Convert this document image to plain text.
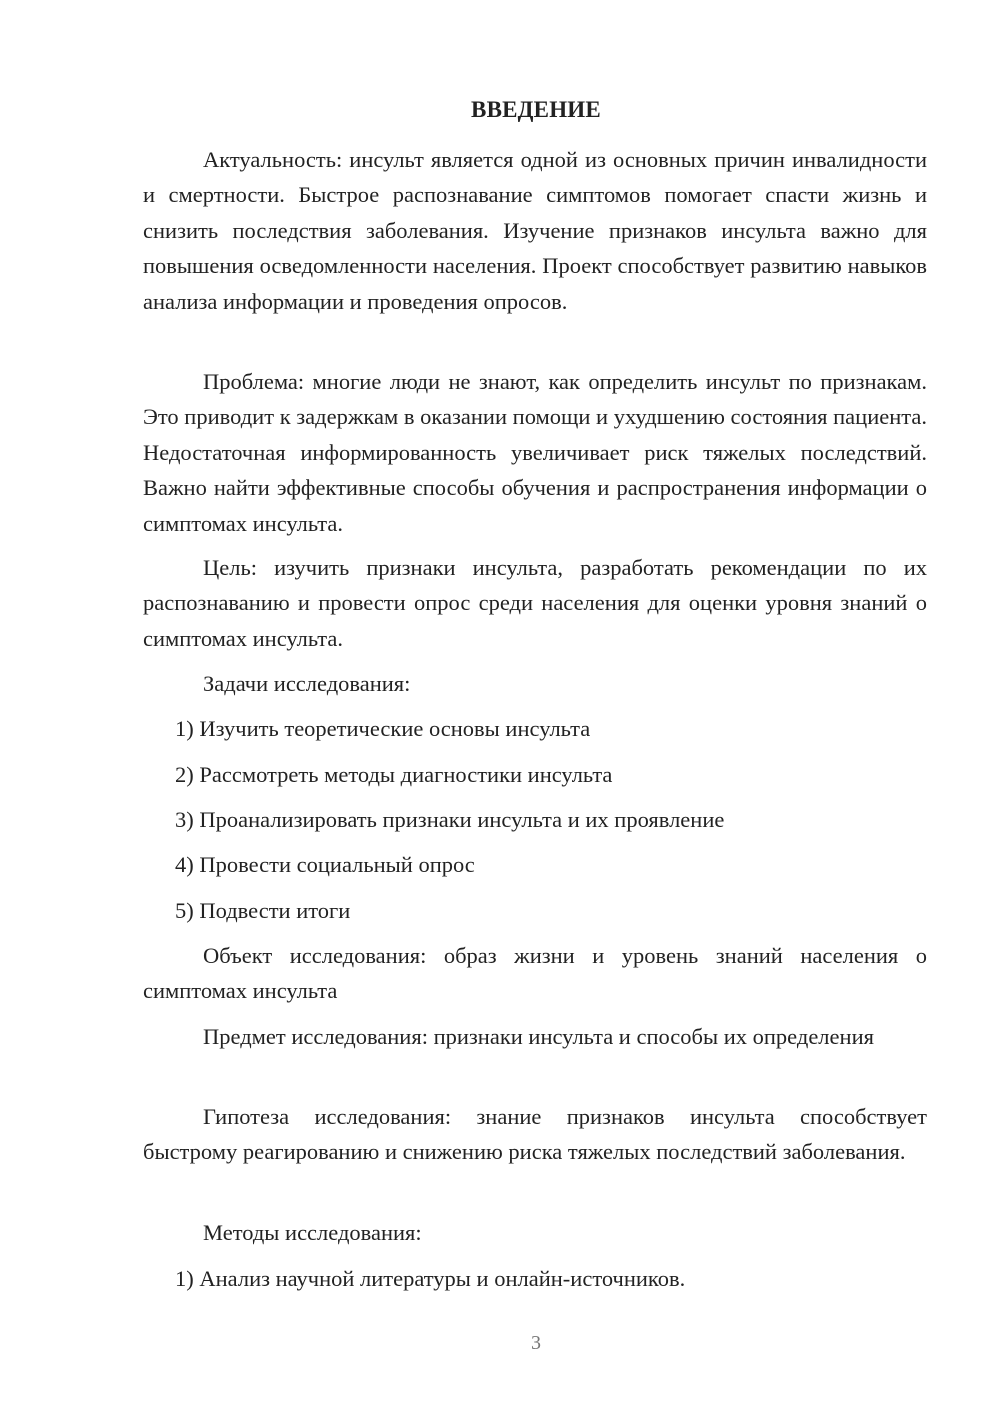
ВВЕДЕНИЕ

Актуальность: инсульт является одной из основных причин инвалидности и смертности. Быстрое распознавание симптомов помогает спасти жизнь и снизить последствия заболевания. Изучение признаков инсульта важно для повышения осведомленности населения. Проект способствует развитию навыков анализа информации и проведения опросов.

Проблема: многие люди не знают, как определить инсульт по признакам. Это приводит к задержкам в оказании помощи и ухудшению состояния пациента. Недостаточная информированность увеличивает риск тяжелых последствий. Важно найти эффективные способы обучения и распространения информации о симптомах инсульта.

Цель: изучить признаки инсульта, разработать рекомендации по их распознаванию и провести опрос среди населения для оценки уровня знаний о симптомах инсульта.

Задачи исследования:

1) Изучить теоретические основы инсульта

2) Рассмотреть методы диагностики инсульта

3) Проанализировать признаки инсульта и их проявление

4) Провести социальный опрос

5) Подвести итоги

Объект исследования: образ жизни и уровень знаний населения о симптомах инсульта

Предмет исследования: признаки инсульта и способы их определения

Гипотеза исследования: знание признаков инсульта способствует быстрому реагированию и снижению риска тяжелых последствий заболевания.

Методы исследования:

1) Анализ научной литературы и онлайн-источников.

3
